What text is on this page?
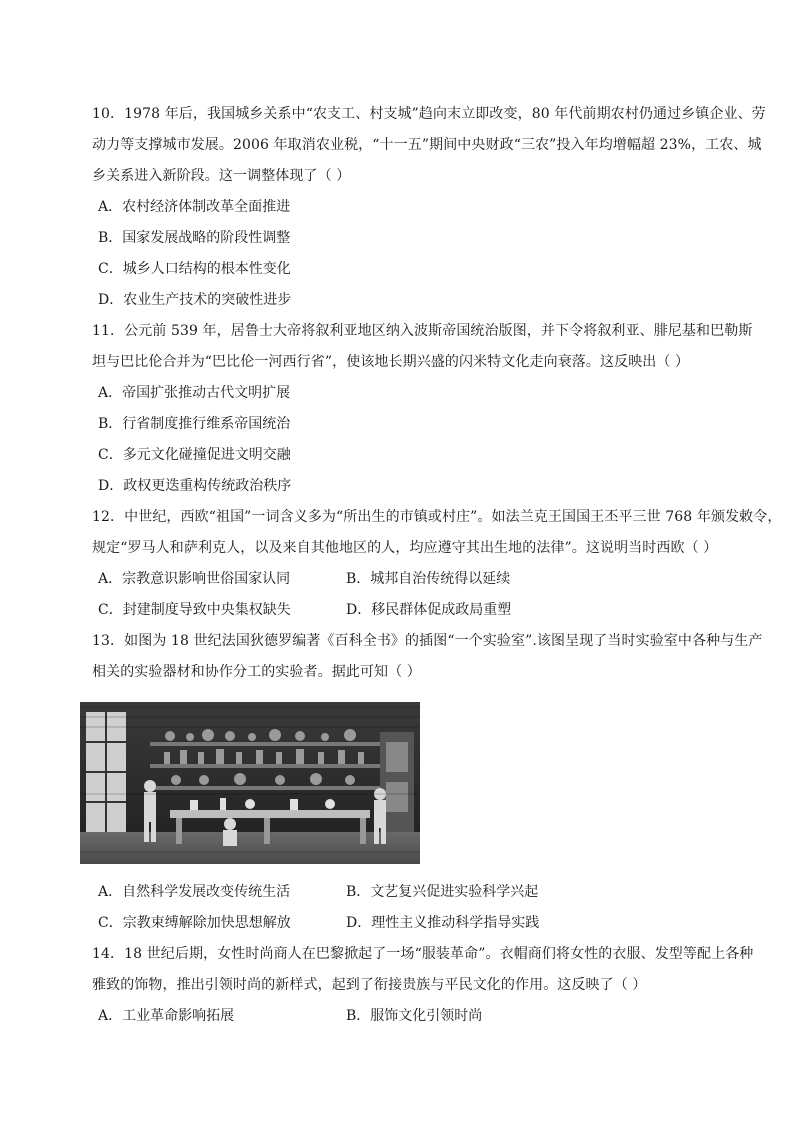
10．1978 年后，我国城乡关系中“农支工、村支城”趋向末立即改变，80 年代前期农村仍通过乡镇企业、劳
动力等支撑城市发展。2006 年取消农业税，“十一五”期间中央财政“三农”投入年均增幅超 23%，工农、城
乡关系进入新阶段。这一调整体现了（ ）
A．农村经济体制改革全面推进
B．国家发展战略的阶段性调整
C．城乡人口结构的根本性变化
D．农业生产技术的突破性进步
11．公元前 539 年，居鲁士大帝将叙利亚地区纳入波斯帝国统治版图，并下令将叙利亚、腓尼基和巴勒斯
坦与巴比伦合并为“巴比伦一河西行省”，使该地长期兴盛的闪米特文化走向衰落。这反映出（ ）
A．帝国扩张推动古代文明扩展
B．行省制度推行维系帝国统治
C．多元文化碰撞促进文明交融
D．政权更迭重构传统政治秩序
12．中世纪，西欧“祖国”一词含义多为“所出生的市镇或村庄”。如法兰克王国国王丕平三世 768 年颁发敕令，
规定“罗马人和萨利克人，以及来自其他地区的人，均应遵守其出生地的法律”。这说明当时西欧（ ）
A．宗教意识影响世俗国家认同	B．城邦自治传统得以延续
C．封建制度导致中央集权缺失	D．移民群体促成政局重塑
13．如图为 18 世纪法国狄德罗编著《百科全书》的插图“一个实验室”.该图呈现了当时实验室中各种与生产
相关的实验器材和协作分工的实验者。据此可知（ ）
A．自然科学发展改变传统生活	B．文艺复兴促进实验科学兴起
C．宗教束缚解除加快思想解放	D．理性主义推动科学指导实践
14．18 世纪后期，女性时尚商人在巴黎掀起了一场“服装革命”。衣帽商们将女性的衣服、发型等配上各种
雅致的饰物，推出引领时尚的新样式，起到了衔接贵族与平民文化的作用。这反映了（ ）
A．工业革命影响拓展	B．服饰文化引领时尚
